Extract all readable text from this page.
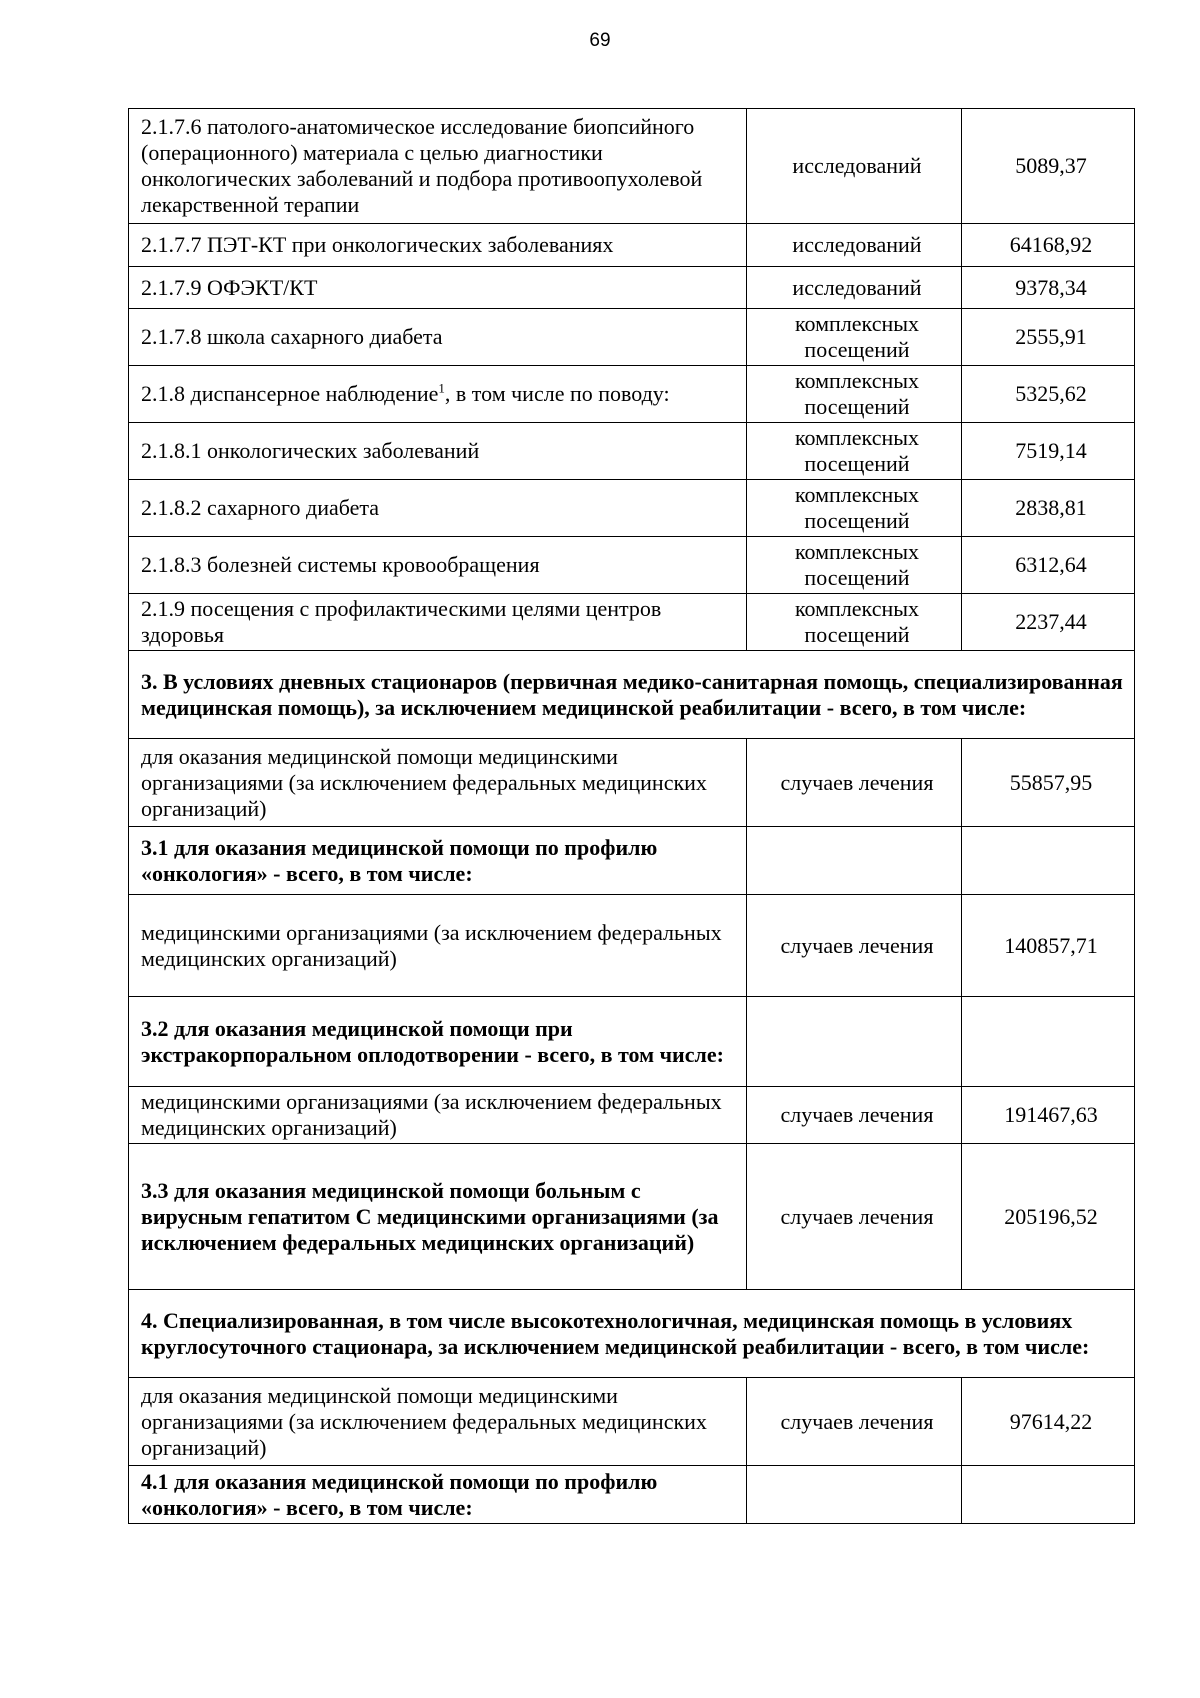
69
2.1.7.6 патолого-анатомическое исследование биопсийного (операционного) материала с целью диагностики онкологических заболеваний и подбора противоопухолевой лекарственной терапии	исследований	5089,37
2.1.7.7 ПЭТ-КТ при онкологических заболеваниях	исследований	64168,92
2.1.7.9 ОФЭКТ/КТ	исследований	9378,34
2.1.7.8 школа сахарного диабета	комплексных посещений	2555,91
2.1.8 диспансерное наблюдение$^1$, в том числе по поводу:	комплексных посещений	5325,62
2.1.8.1 онкологических заболеваний	комплексных посещений	7519,14
2.1.8.2 сахарного диабета	комплексных посещений	2838,81
2.1.8.3 болезней системы кровообращения	комплексных посещений	6312,64
2.1.9 посещения с профилактическими целями центров здоровья	комплексных посещений	2237,44
3. В условиях дневных стационаров (первичная медико-санитарная помощь, специализированная медицинская помощь), за исключением медицинской реабилитации - всего, в том числе:		
для оказания медицинской помощи медицинскими организациями (за исключением федеральных медицинских организаций)	случаев лечения	55857,95
3.1 для оказания медицинской помощи по профилю «онкология» - всего, в том числе:		
медицинскими организациями (за исключением федеральных медицинских организаций)	случаев лечения	140857,71
3.2 для оказания медицинской помощи при экстракорпоральном оплодотворении - всего, в том числе:		
медицинскими организациями (за исключением федеральных медицинских организаций)	случаев лечения	191467,63
3.3 для оказания медицинской помощи больным с вирусным гепатитом С медицинскими организациями (за исключением федеральных медицинских организаций)	случаев лечения	205196,52
4. Специализированная, в том числе высокотехнологичная, медицинская помощь в условиях круглосуточного стационара, за исключением медицинской реабилитации - всего, в том числе:		
для оказания медицинской помощи медицинскими организациями (за исключением федеральных медицинских организаций)	случаев лечения	97614,22
4.1 для оказания медицинской помощи по профилю «онкология» - всего, в том числе:		
